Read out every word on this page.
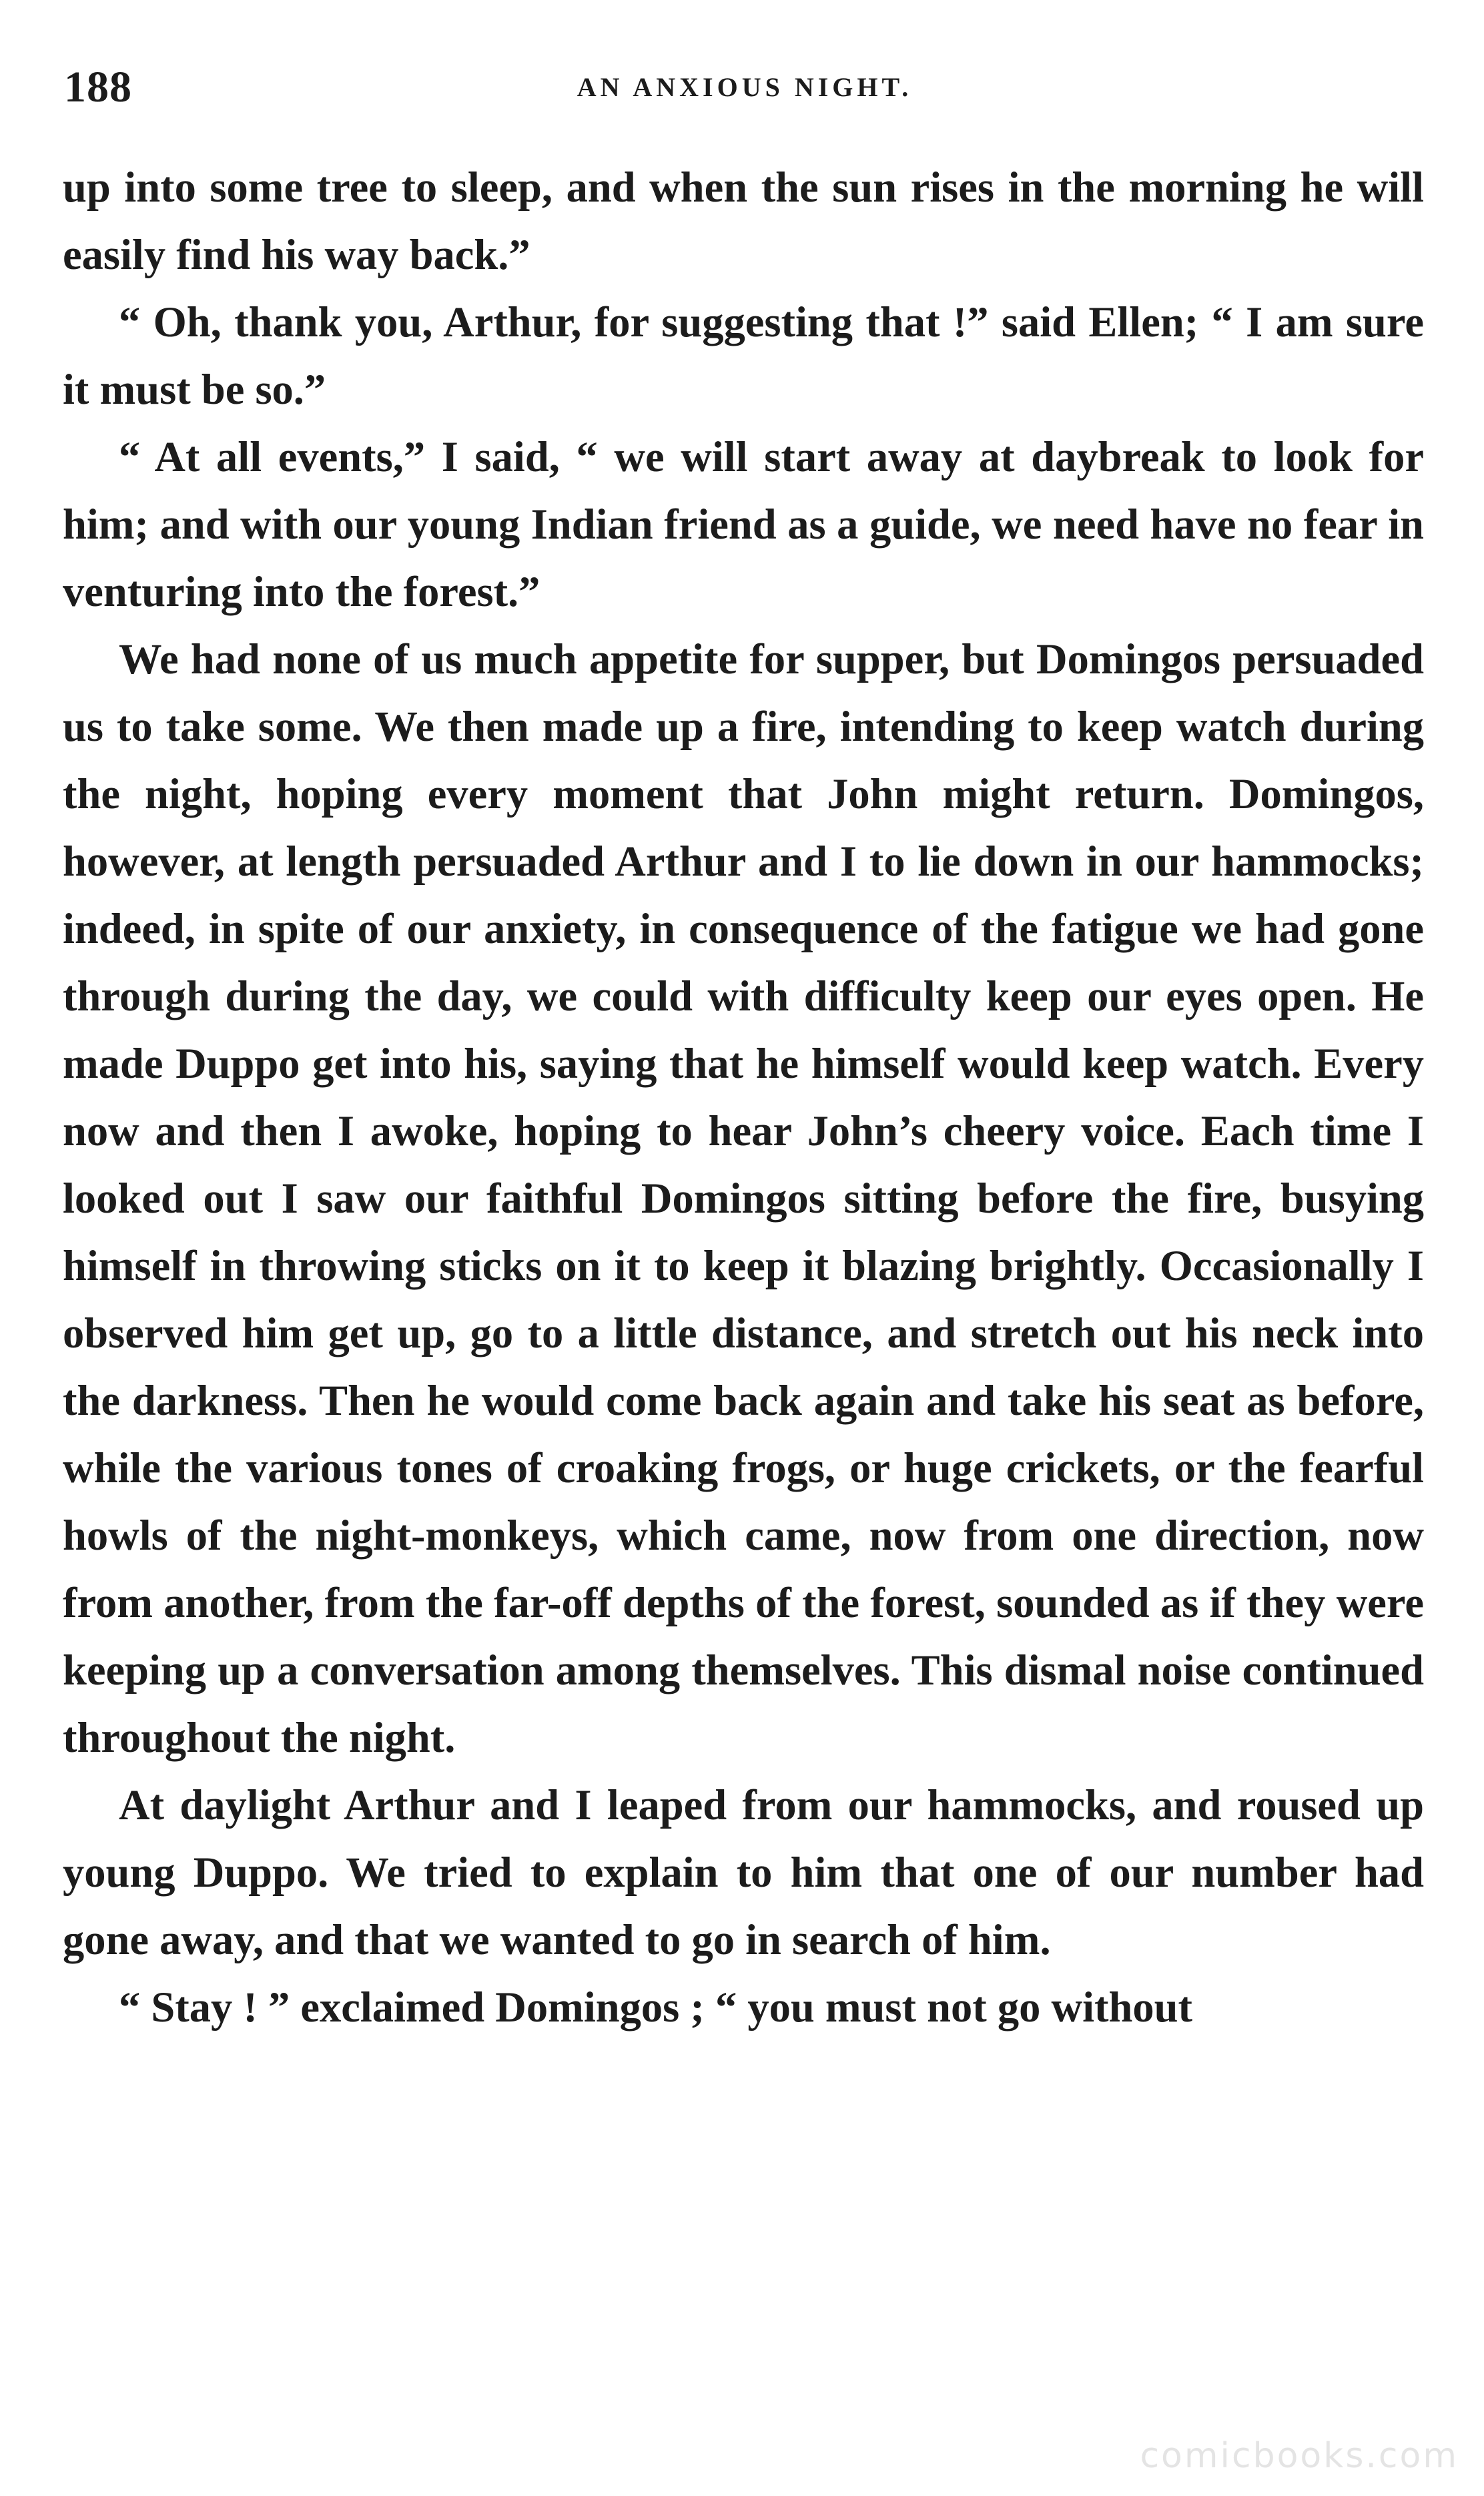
188	AN ANXIOUS NIGHT.

up into some tree to sleep, and when the sun rises in the morning he will easily find his way back.”

“ Oh, thank you, Arthur, for suggesting that !” said Ellen; “ I am sure it must be so.”

“ At all events,” I said, “ we will start away at daybreak to look for him; and with our young Indian friend as a guide, we need have no fear in venturing into the forest.”

We had none of us much appetite for supper, but Domingos persuaded us to take some. We then made up a fire, intending to keep watch during the night, hoping every moment that John might return. Domingos, however, at length persuaded Arthur and I to lie down in our hammocks; indeed, in spite of our anxiety, in consequence of the fatigue we had gone through during the day, we could with difficulty keep our eyes open. He made Duppo get into his, saying that he himself would keep watch. Every now and then I awoke, hoping to hear John’s cheery voice. Each time I looked out I saw our faithful Domingos sitting before the fire, busying himself in throwing sticks on it to keep it blazing brightly. Occasionally I observed him get up, go to a little distance, and stretch out his neck into the darkness. Then he would come back again and take his seat as before, while the various tones of croaking frogs, or huge crickets, or the fearful howls of the night-monkeys, which came, now from one direction, now from another, from the far-off depths of the forest, sounded as if they were keeping up a conversation among themselves. This dismal noise continued throughout the night.

At daylight Arthur and I leaped from our hammocks, and roused up young Duppo. We tried to explain to him that one of our number had gone away, and that we wanted to go in search of him.

“ Stay ! ” exclaimed Domingos ; “ you must not go without

comicbooks.com
